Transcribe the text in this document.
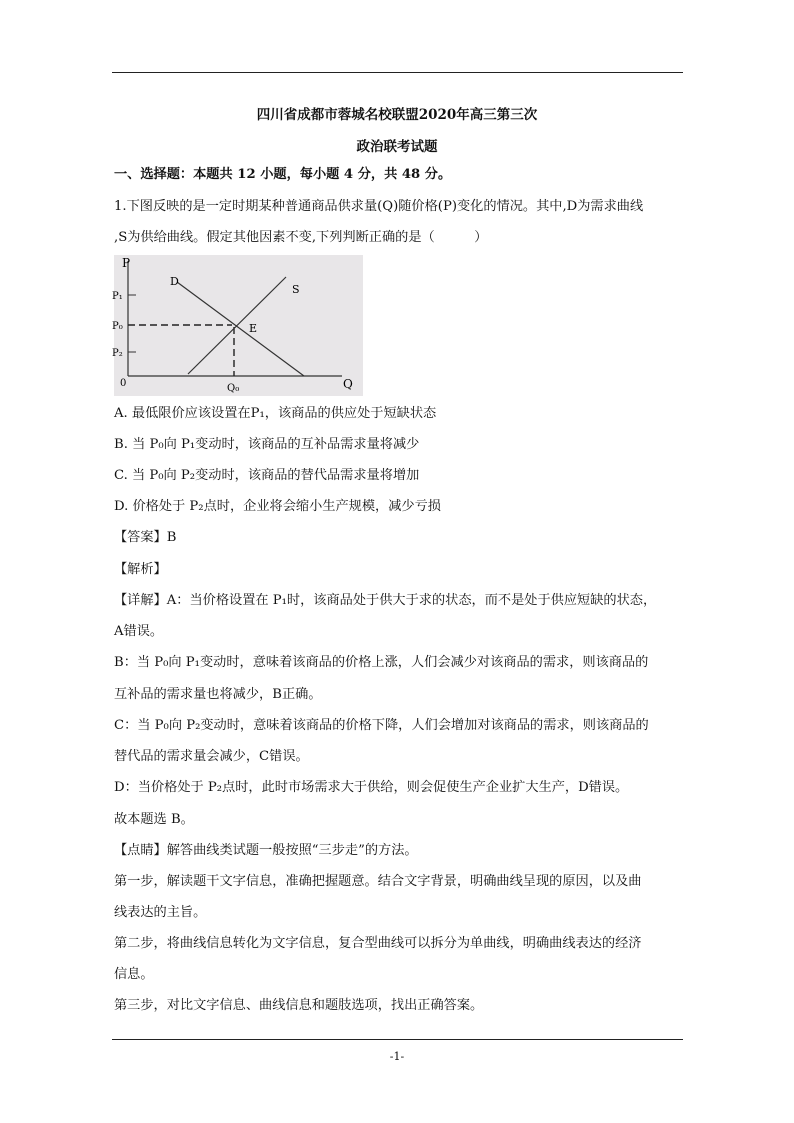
四川省成都市蓉城名校联盟2020年高三第三次
政治联考试题
一、选择题：本题共 12 小题，每小题 4 分，共 48 分。
1.下图反映的是一定时期某种普通商品供求量(Q)随价格(P)变化的情况。其中,D为需求曲线
,S为供给曲线。假定其他因素不变,下列判断正确的是（　　　）
P
P₁
P₀
P₂
0	Q₀	Q
D
S
E
A. 最低限价应该设置在P₁，该商品的供应处于短缺状态
B. 当 P₀向 P₁变动时，该商品的互补品需求量将减少
C. 当 P₀向 P₂变动时，该商品的替代品需求量将增加
D. 价格处于 P₂点时，企业将会缩小生产规模，减少亏损
【答案】B
【解析】
【详解】A：当价格设置在 P₁时，该商品处于供大于求的状态，而不是处于供应短缺的状态，
A错误。
B：当 P₀向 P₁变动时，意味着该商品的价格上涨，人们会减少对该商品的需求，则该商品的
互补品的需求量也将减少，B正确。
C：当 P₀向 P₂变动时，意味着该商品的价格下降，人们会增加对该商品的需求，则该商品的
替代品的需求量会减少，C错误。
D：当价格处于 P₂点时，此时市场需求大于供给，则会促使生产企业扩大生产，D错误。
故本题选 B。
【点睛】解答曲线类试题一般按照“三步走”的方法。
第一步，解读题干文字信息，准确把握题意。结合文字背景，明确曲线呈现的原因，以及曲
线表达的主旨。
第二步，将曲线信息转化为文字信息，复合型曲线可以拆分为单曲线，明确曲线表达的经济
信息。
第三步，对比文字信息、曲线信息和题肢选项，找出正确答案。
-1-
